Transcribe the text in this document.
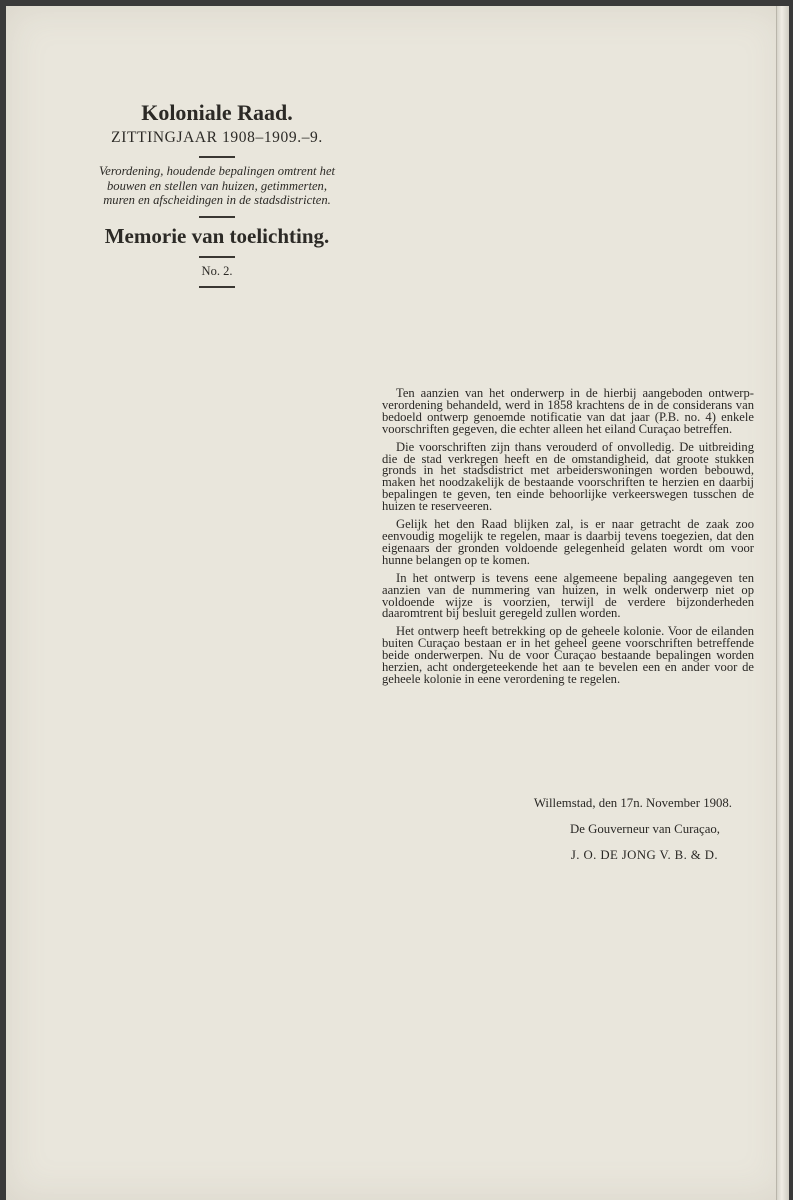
Koloniale Raad.
ZITTINGJAAR 1908–1909.–9.
Verordening, houdende bepalingen omtrent het bouwen en stellen van huizen, getimmerten, muren en afscheidingen in de stadsdistricten.
Memorie van toelichting.
No. 2.

Ten aanzien van het onderwerp in de hierbij aangeboden ontwerp-verordening behandeld, werd in 1858 krachtens de in de considerans van bedoeld ontwerp genoemde notificatie van dat jaar (P.B. no. 4) enkele voorschriften gegeven, die echter alleen het eiland Curaçao betreffen.

Die voorschriften zijn thans verouderd of onvolledig. De uitbreiding die de stad verkregen heeft en de omstandigheid, dat groote stukken gronds in het stadsdistrict met arbeiderswoningen worden bebouwd, maken het noodzakelijk de bestaande voorschriften te herzien en daarbij bepalingen te geven, ten einde behoorlijke verkeerswegen tusschen de huizen te reserveeren.

Gelijk het den Raad blijken zal, is er naar getracht de zaak zoo eenvoudig mogelijk te regelen, maar is daarbij tevens toegezien, dat den eigenaars der gronden voldoende gelegenheid gelaten wordt om voor hunne belangen op te komen.

In het ontwerp is tevens eene algemeene bepaling aangegeven ten aanzien van de nummering van huizen, in welk onderwerp niet op voldoende wijze is voorzien, terwijl de verdere bijzonderheden daaromtrent bij besluit geregeld zullen worden.

Het ontwerp heeft betrekking op de geheele kolonie. Voor de eilanden buiten Curaçao bestaan er in het geheel geene voorschriften betreffende beide onderwerpen. Nu de voor Curaçao bestaande bepalingen worden herzien, acht ondergeteekende het aan te bevelen een en ander voor de geheele kolonie in eene verordening te regelen.

Willemstad, den 17n. November 1908.
De Gouverneur van Curaçao,
J. O. DE JONG V. B. & D.
